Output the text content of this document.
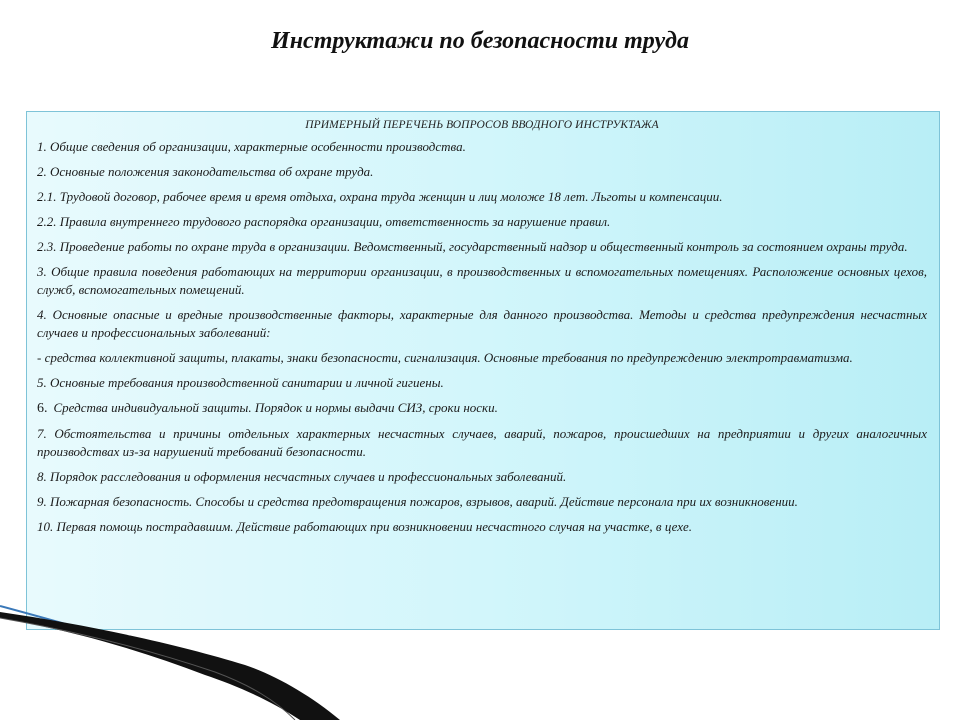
Инструктажи по безопасности труда

ПРИМЕРНЫЙ ПЕРЕЧЕНЬ ВОПРОСОВ ВВОДНОГО ИНСТРУКТАЖА

1. Общие сведения об организации, характерные особенности производства.

2. Основные положения законодательства об охране труда.

2.1. Трудовой договор, рабочее время и время отдыха, охрана труда женщин и лиц моложе 18 лет. Льготы и компенсации.

2.2. Правила внутреннего трудового распорядка организации, ответственность за нарушение правил.

2.3. Проведение работы по охране труда в организации. Ведомственный, государственный надзор и общественный контроль за состоянием охраны труда.

3. Общие правила поведения работающих на территории организации, в производственных и вспомогательных помещениях. Расположение основных цехов, служб, вспомогательных помещений.

4. Основные опасные и вредные производственные факторы, характерные для данного производства. Методы и средства предупреждения несчастных случаев и профессиональных заболеваний:

- средства коллективной защиты, плакаты, знаки безопасности, сигнализация. Основные требования по предупреждению электротравматизма.

5. Основные требования производственной санитарии и личной гигиены.

6. Средства индивидуальной защиты. Порядок и нормы выдачи СИЗ, сроки носки.

7. Обстоятельства и причины отдельных характерных несчастных случаев, аварий, пожаров, происшедших на предприятии и других аналогичных производствах из-за нарушений требований безопасности.

8. Порядок расследования и оформления несчастных случаев и профессиональных заболеваний.

9. Пожарная безопасность. Способы и средства предотвращения пожаров, взрывов, аварий. Действие персонала при их возникновении.

10. Первая помощь пострадавшим. Действие работающих при возникновении несчастного случая на участке, в цехе.
